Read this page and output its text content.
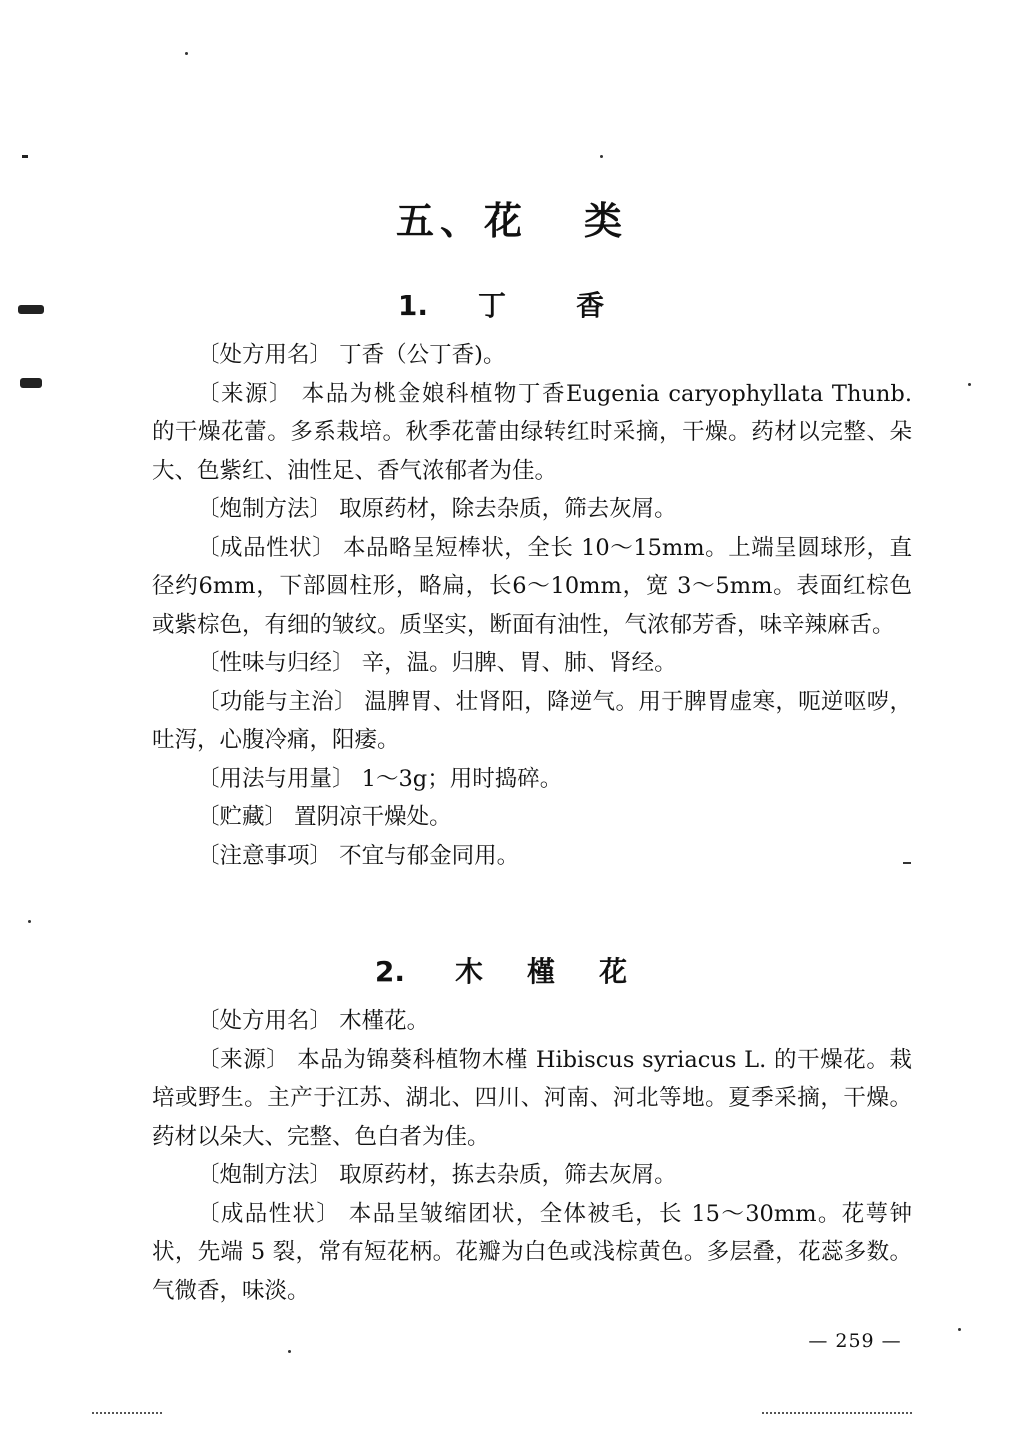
五、花 类
1. 丁	香

〔处方用名〕 丁香（公丁香)。

〔来源〕 本品为桃金娘科植物丁香Eugenia caryophyllata Thunb. 的干燥花蕾。多系栽培。秋季花蕾由绿转红时采摘，干燥。药材以完整、朵大、色紫红、油性足、香气浓郁者为佳。

〔炮制方法〕 取原药材，除去杂质，筛去灰屑。

〔成品性状〕 本品略呈短棒状，全长 10～15mm。上端呈圆球形，直径约6mm，下部圆柱形，略扁，长6～10mm，宽 3～5mm。表面红棕色或紫棕色，有细的皱纹。质坚实，断面有油性，气浓郁芳香，味辛辣麻舌。

〔性味与归经〕 辛，温。归脾、胃、肺、肾经。

〔功能与主治〕 温脾胃、壮肾阳，降逆气。用于脾胃虚寒，呃逆呕哕，吐泻，心腹冷痛，阳痿。

〔用法与用量〕 1～3g；用时捣碎。

〔贮藏〕 置阴凉干燥处。

〔注意事项〕 不宜与郁金同用。

2. 木 槿 花

〔处方用名〕 木槿花。

〔来源〕 本品为锦葵科植物木槿 Hibiscus syriacus L. 的干燥花。栽培或野生。主产于江苏、湖北、四川、河南、河北等地。夏季采摘，干燥。药材以朵大、完整、色白者为佳。

〔炮制方法〕 取原药材，拣去杂质，筛去灰屑。

〔成品性状〕 本品呈皱缩团状，全体被毛，长 15～30mm。花萼钟状，先端 5 裂，常有短花柄。花瓣为白色或浅棕黄色。多层叠，花蕊多数。气微香，味淡。

— 259 —
